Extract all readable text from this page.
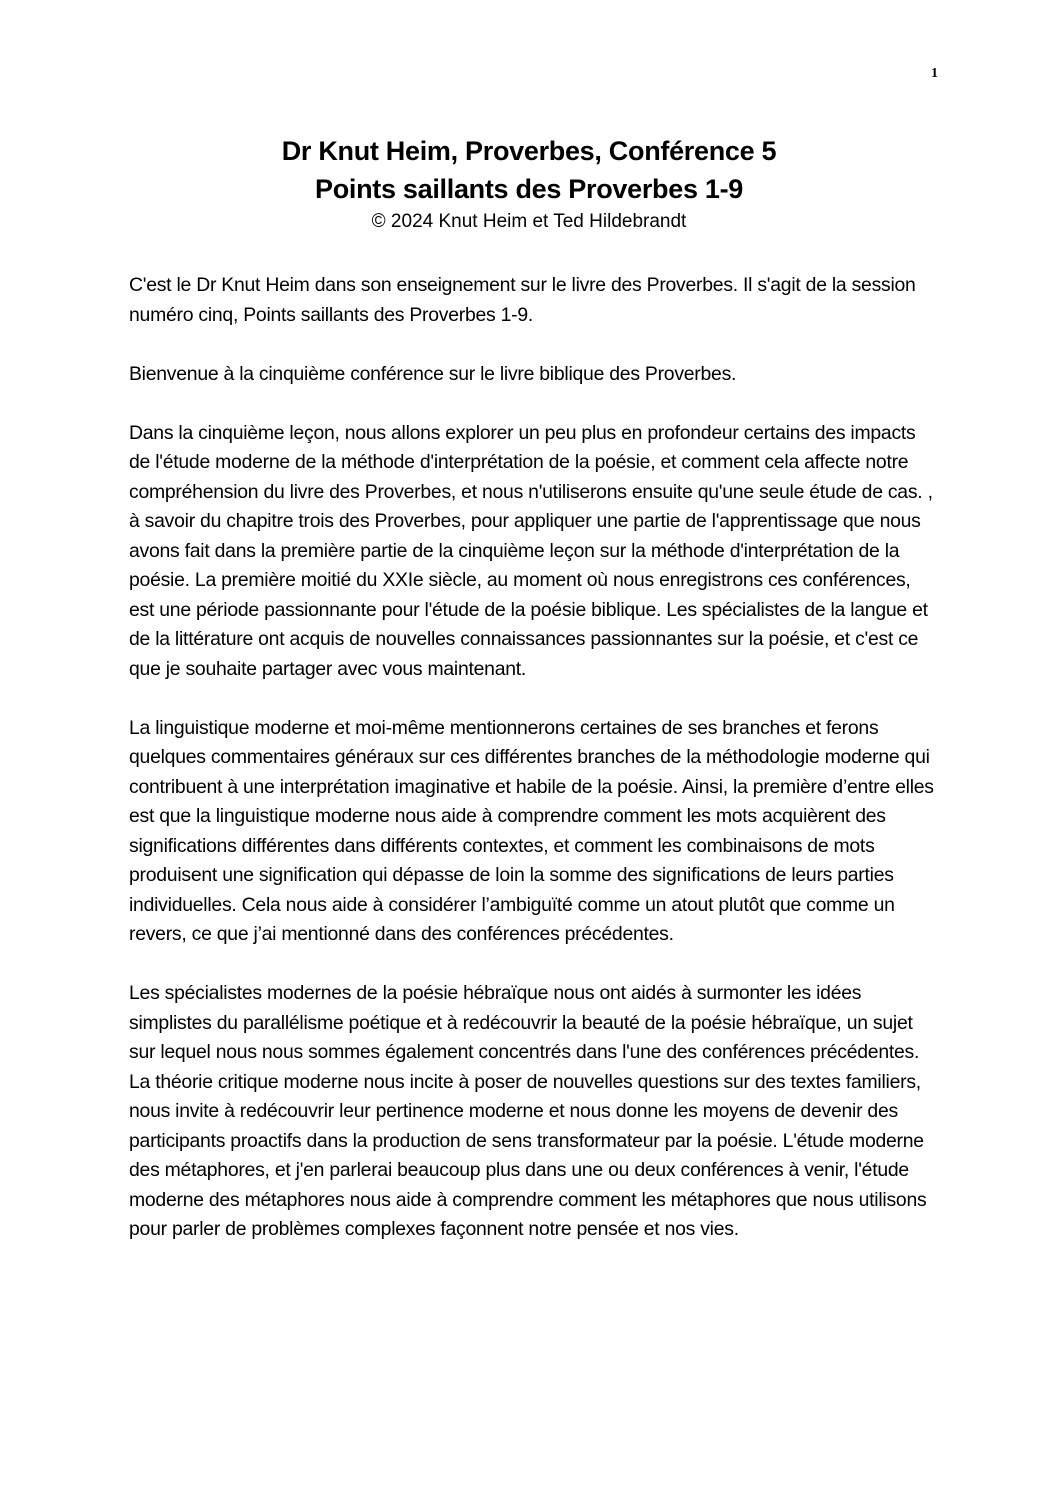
1
Dr Knut Heim, Proverbes, Conférence 5
Points saillants des Proverbes 1-9

© 2024 Knut Heim et Ted Hildebrandt

C'est le Dr Knut Heim dans son enseignement sur le livre des Proverbes. Il s'agit de la session numéro cinq, Points saillants des Proverbes 1-9.

Bienvenue à la cinquième conférence sur le livre biblique des Proverbes.

Dans la cinquième leçon, nous allons explorer un peu plus en profondeur certains des impacts de l'étude moderne de la méthode d'interprétation de la poésie, et comment cela affecte notre compréhension du livre des Proverbes, et nous n'utiliserons ensuite qu'une seule étude de cas. , à savoir du chapitre trois des Proverbes, pour appliquer une partie de l'apprentissage que nous avons fait dans la première partie de la cinquième leçon sur la méthode d'interprétation de la poésie. La première moitié du XXIe siècle, au moment où nous enregistrons ces conférences, est une période passionnante pour l'étude de la poésie biblique. Les spécialistes de la langue et de la littérature ont acquis de nouvelles connaissances passionnantes sur la poésie, et c'est ce que je souhaite partager avec vous maintenant.

La linguistique moderne et moi-même mentionnerons certaines de ses branches et ferons quelques commentaires généraux sur ces différentes branches de la méthodologie moderne qui contribuent à une interprétation imaginative et habile de la poésie. Ainsi, la première d’entre elles est que la linguistique moderne nous aide à comprendre comment les mots acquièrent des significations différentes dans différents contextes, et comment les combinaisons de mots produisent une signification qui dépasse de loin la somme des significations de leurs parties individuelles. Cela nous aide à considérer l’ambiguïté comme un atout plutôt que comme un revers, ce que j’ai mentionné dans des conférences précédentes.

Les spécialistes modernes de la poésie hébraïque nous ont aidés à surmonter les idées simplistes du parallélisme poétique et à redécouvrir la beauté de la poésie hébraïque, un sujet sur lequel nous nous sommes également concentrés dans l'une des conférences précédentes. La théorie critique moderne nous incite à poser de nouvelles questions sur des textes familiers, nous invite à redécouvrir leur pertinence moderne et nous donne les moyens de devenir des participants proactifs dans la production de sens transformateur par la poésie. L'étude moderne des métaphores, et j'en parlerai beaucoup plus dans une ou deux conférences à venir, l'étude moderne des métaphores nous aide à comprendre comment les métaphores que nous utilisons pour parler de problèmes complexes façonnent notre pensée et nos vies.
